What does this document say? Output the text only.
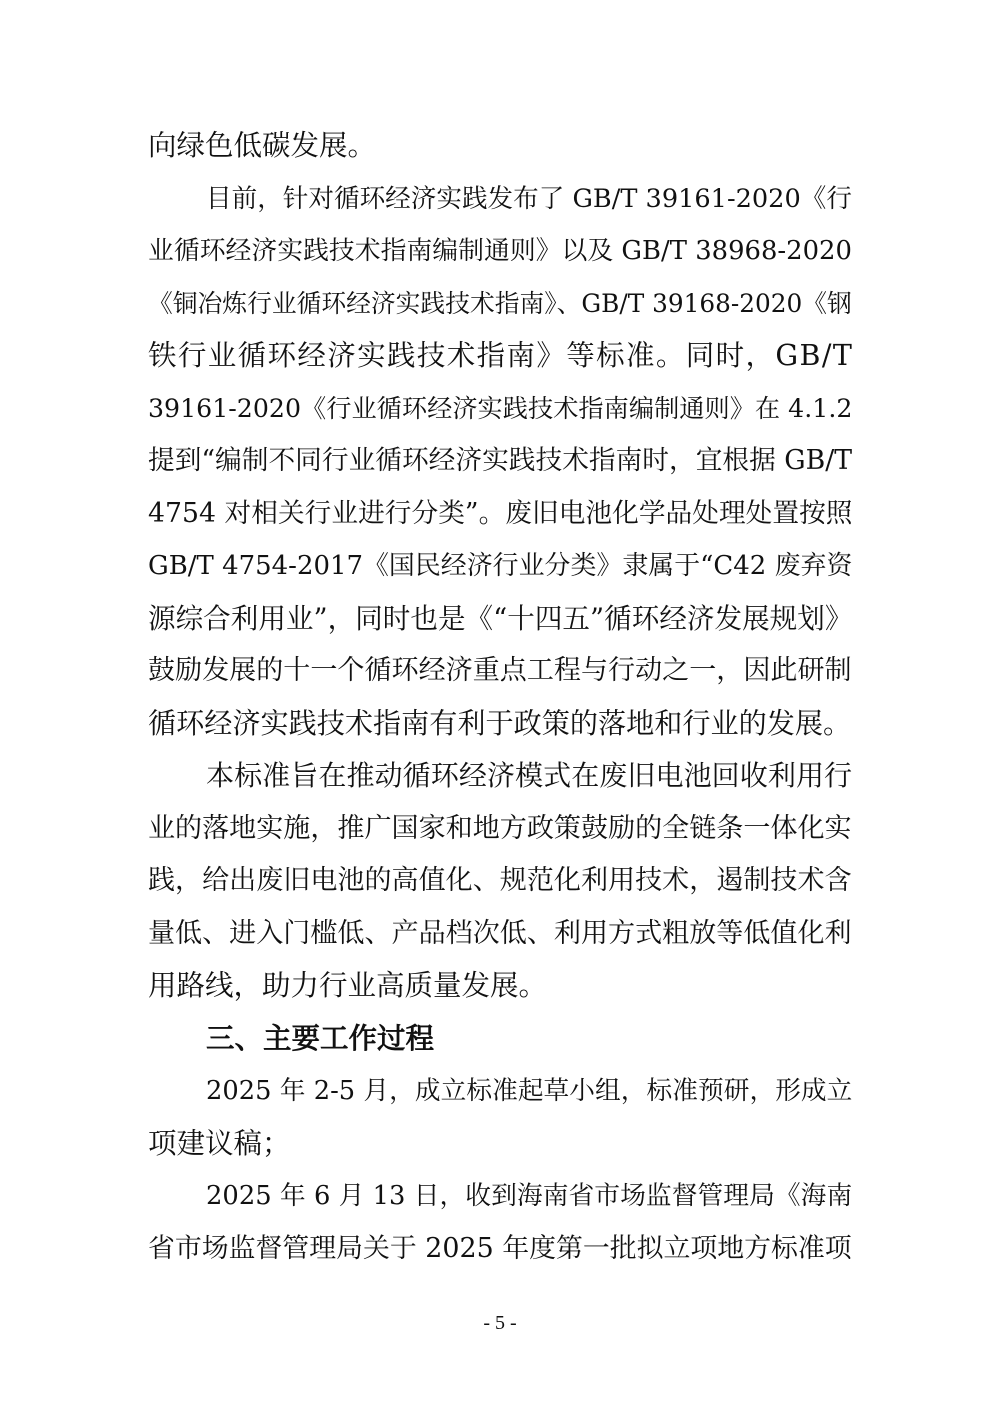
向绿色低碳发展。
目前，针对循环经济实践发布了 GB/T 39161-2020《行
业循环经济实践技术指南编制通则》以及 GB/T 38968-2020
《铜冶炼行业循环经济实践技术指南》、GB/T 39168-2020《钢
铁行业循环经济实践技术指南》等标准。同时，GB/T
39161-2020《行业循环经济实践技术指南编制通则》在 4.1.2
提到“编制不同行业循环经济实践技术指南时，宜根据 GB/T
4754 对相关行业进行分类”。废旧电池化学品处理处置按照
GB/T 4754-2017《国民经济行业分类》隶属于“C42 废弃资
源综合利用业”，同时也是《“十四五”循环经济发展规划》
鼓励发展的十一个循环经济重点工程与行动之一，因此研制
循环经济实践技术指南有利于政策的落地和行业的发展。
本标准旨在推动循环经济模式在废旧电池回收利用行
业的落地实施，推广国家和地方政策鼓励的全链条一体化实
践，给出废旧电池的高值化、规范化利用技术，遏制技术含
量低、进入门槛低、产品档次低、利用方式粗放等低值化利
用路线，助力行业高质量发展。
三、主要工作过程
2025 年 2-5 月，成立标准起草小组，标准预研，形成立
项建议稿；
2025 年 6 月 13 日，收到海南省市场监督管理局《海南
省市场监督管理局关于 2025 年度第一批拟立项地方标准项
- 5 -
